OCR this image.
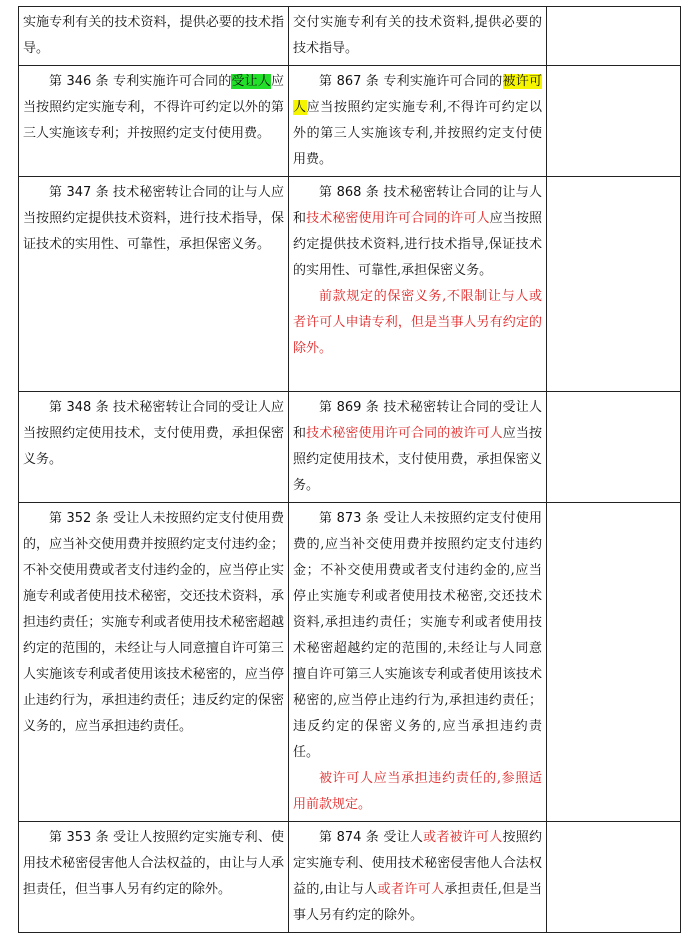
实施专利有关的技术资料，提供必要的技术指导。	交付实施专利有关的技术资料,提供必要的技术指导。	

第 346 条 专利实施许可合同的受让人应当按照约定实施专利，不得许可约定以外的第三人实施该专利；并按照约定支付使用费。	第 867 条 专利实施许可合同的被许可人应当按照约定实施专利,不得许可约定以外的第三人实施该专利,并按照约定支付使用费。	

第 347 条 技术秘密转让合同的让与人应当按照约定提供技术资料，进行技术指导，保证技术的实用性、可靠性，承担保密义务。	第 868 条 技术秘密转让合同的让与人和技术秘密使用许可合同的许可人应当按照约定提供技术资料,进行技术指导,保证技术的实用性、可靠性,承担保密义务。
前款规定的保密义务,不限制让与人或者许可人申请专利，但是当事人另有约定的除外。	

第 348 条 技术秘密转让合同的受让人应当按照约定使用技术，支付使用费，承担保密义务。	第 869 条 技术秘密转让合同的受让人和技术秘密使用许可合同的被许可人应当按照约定使用技术，支付使用费，承担保密义务。	

第 352 条 受让人未按照约定支付使用费的，应当补交使用费并按照约定支付违约金；不补交使用费或者支付违约金的，应当停止实施专利或者使用技术秘密，交还技术资料，承担违约责任；实施专利或者使用技术秘密超越约定的范围的，未经让与人同意擅自许可第三人实施该专利或者使用该技术秘密的，应当停止违约行为，承担违约责任；违反约定的保密义务的，应当承担违约责任。	第 873 条 受让人未按照约定支付使用费的,应当补交使用费并按照约定支付违约金；不补交使用费或者支付违约金的,应当停止实施专利或者使用技术秘密,交还技术资料,承担违约责任；实施专利或者使用技术秘密超越约定的范围的,未经让与人同意擅自许可第三人实施该专利或者使用该技术秘密的,应当停止违约行为,承担违约责任；违反约定的保密义务的,应当承担违约责任。
被许可人应当承担违约责任的,参照适用前款规定。	

第 353 条 受让人按照约定实施专利、使用技术秘密侵害他人合法权益的，由让与人承担责任，但当事人另有约定的除外。	第 874 条 受让人或者被许可人按照约定实施专利、使用技术秘密侵害他人合法权益的,由让与人或者许可人承担责任,但是当事人另有约定的除外。	
